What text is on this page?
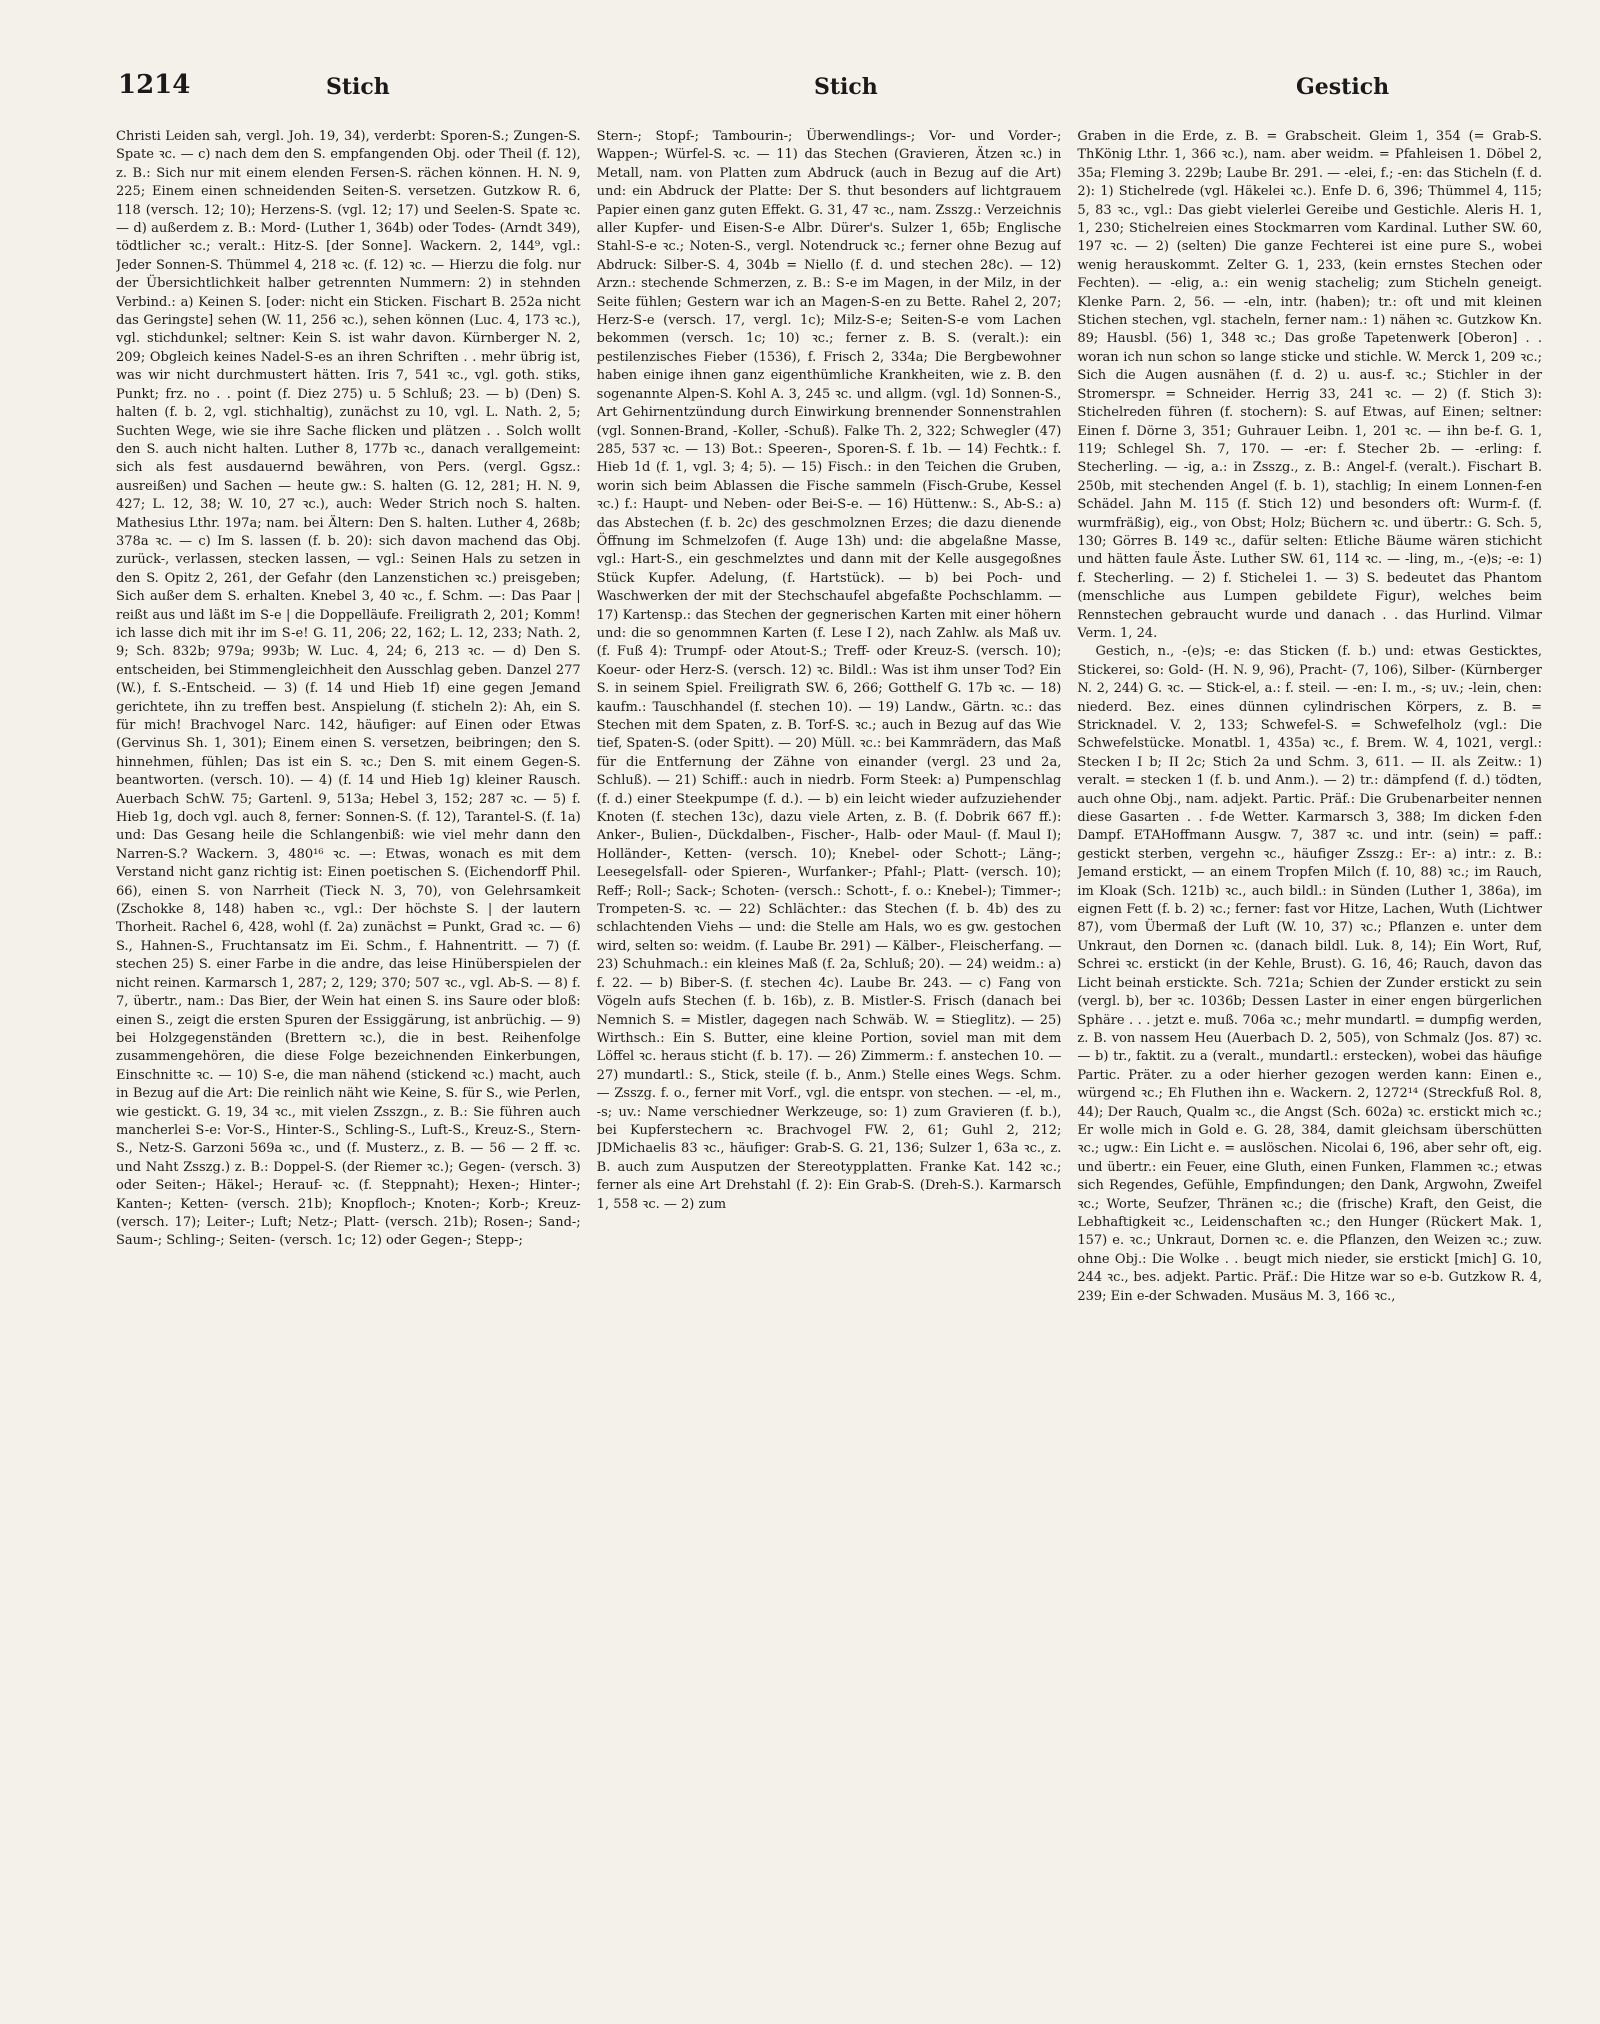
1214	Stich	Stich	Gestich

Christi Leiden sah, vergl. Joh. 19, 34), verderbt: Sporen-S.; Zungen-S. Spate ꝛc. — c) nach dem den S. empfangenden Obj. oder Theil (f. 12), z. B.: Sich nur mit einem elenden Fersen-S. rächen können. H. N. 9, 225; Einem einen schneidenden Seiten-S. versetzen. Gutzkow R. 6, 118 (versch. 12; 10); Herzens-S. (vgl. 12; 17) und Seelen-S. Spate ꝛc. — d) außerdem z. B.: Mord- (Luther 1, 364b) oder Todes- (Arndt 349), tödtlicher ꝛc.; veralt.: Hitz-S. [der Sonne]. Wackern. 2, 144⁹, vgl.: Jeder Sonnen-S. Thümmel 4, 218 ꝛc. (f. 12) ꝛc. — Hierzu die folg. nur der Übersichtlichkeit halber getrennten Nummern: 2) in stehnden Verbind.: a) Keinen S. [oder: nicht ein Sticken. Fischart B. 252a nicht das Geringste] sehen (W. 11, 256 ꝛc.), sehen können (Luc. 4, 173 ꝛc.), vgl. stichdunkel; seltner: Kein S. ist wahr davon. Kürnberger N. 2, 209; Obgleich keines Nadel-S-es an ihren Schriften . . mehr übrig ist, was wir nicht durchmustert hätten. Iris 7, 541 ꝛc., vgl. goth. stiks, Punkt; frz. no . . point (f. Diez 275) u. 5 Schluß; 23. — b) (Den) S. halten (f. b. 2, vgl. stichhaltig), zunächst zu 10, vgl. L. Nath. 2, 5; Suchten Wege, wie sie ihre Sache flicken und plätzen . . Solch wollt den S. auch nicht halten. Luther 8, 177b ꝛc., danach verallgemeint: sich als fest ausdauernd bewähren, von Pers. (vergl. Ggsz.: ausreißen) und Sachen — heute gw.: S. halten (G. 12, 281; H. N. 9, 427; L. 12, 38; W. 10, 27 ꝛc.), auch: Weder Strich noch S. halten. Mathesius Lthr. 197a; nam. bei Ältern: Den S. halten. Luther 4, 268b; 378a ꝛc. — c) Im S. lassen (f. b. 20): sich davon machend das Obj. zurück-, verlassen, stecken lassen, — vgl.: Seinen Hals zu setzen in den S. Opitz 2, 261, der Gefahr (den Lanzenstichen ꝛc.) preisgeben; Sich außer dem S. erhalten. Knebel 3, 40 ꝛc., f. Schm. —: Das Paar | reißt aus und läßt im S-e | die Doppelläufe. Freiligrath 2, 201; Komm! ich lasse dich mit ihr im S-e! G. 11, 206; 22, 162; L. 12, 233; Nath. 2, 9; Sch. 832b; 979a; 993b; W. Luc. 4, 24; 6, 213 ꝛc. — d) Den S. entscheiden, bei Stimmengleichheit den Ausschlag geben. Danzel 277 (W.), f. S.-Entscheid. — 3) (f. 14 und Hieb 1f) eine gegen Jemand gerichtete, ihn zu treffen best. Anspielung (f. sticheln 2): Ah, ein S. für mich! Brachvogel Narc. 142, häufiger: auf Einen oder Etwas (Gervinus Sh. 1, 301); Einem einen S. versetzen, beibringen; den S. hinnehmen, fühlen; Das ist ein S. ꝛc.; Den S. mit einem Gegen-S. beantworten. (versch. 10). — 4) (f. 14 und Hieb 1g) kleiner Rausch. Auerbach SchW. 75; Gartenl. 9, 513a; Hebel 3, 152; 287 ꝛc. — 5) f. Hieb 1g, doch vgl. auch 8, ferner: Sonnen-S. (f. 12), Tarantel-S. (f. 1a) und: Das Gesang heile die Schlangenbiß: wie viel mehr dann den Narren-S.? Wackern. 3, 480¹⁶ ꝛc. —: Etwas, wonach es mit dem Verstand nicht ganz richtig ist: Einen poetischen S. (Eichendorff Phil. 66), einen S. von Narrheit (Tieck N. 3, 70), von Gelehrsamkeit (Zschokke 8, 148) haben ꝛc., vgl.: Der höchste S. | der lautern Thorheit. Rachel 6, 428, wohl (f. 2a) zunächst = Punkt, Grad ꝛc. — 6) S., Hahnen-S., Fruchtansatz im Ei. Schm., f. Hahnentritt. — 7) (f. stechen 25) S. einer Farbe in die andre, das leise Hinüberspielen der nicht reinen. Karmarsch 1, 287; 2, 129; 370; 507 ꝛc., vgl. Ab-S. — 8) f. 7, übertr., nam.: Das Bier, der Wein hat einen S. ins Saure oder bloß: einen S., zeigt die ersten Spuren der Essiggärung, ist anbrüchig. — 9) bei Holzgegenständen (Brettern ꝛc.), die in best. Reihenfolge zusammengehören, die diese Folge bezeichnenden Einkerbungen, Einschnitte ꝛc. — 10) S-e, die man nähend (stickend ꝛc.) macht, auch in Bezug auf die Art: Die reinlich näht wie Keine, S. für S., wie Perlen, wie gestickt. G. 19, 34 ꝛc., mit vielen Zsszgn., z. B.: Sie führen auch mancherlei S-e: Vor-S., Hinter-S., Schling-S., Luft-S., Kreuz-S., Stern-S., Netz-S. Garzoni 569a ꝛc., und (f. Musterz., z. B. — 56 — 2 ff. ꝛc. und Naht Zsszg.) z. B.: Doppel-S. (der Riemer ꝛc.); Gegen- (versch. 3) oder Seiten-; Häkel-; Herauf- ꝛc. (f. Steppnaht); Hexen-; Hinter-; Kanten-; Ketten- (versch. 21b); Knopfloch-; Knoten-; Korb-; Kreuz- (versch. 17); Leiter-; Luft; Netz-; Platt- (versch. 21b); Rosen-; Sand-; Saum-; Schling-; Seiten- (versch. 1c; 12) oder Gegen-; Stepp-;

Stern-; Stopf-; Tambourin-; Überwendlings-; Vor- und Vorder-; Wappen-; Würfel-S. ꝛc. — 11) das Stechen (Gravieren, Ätzen ꝛc.) in Metall, nam. von Platten zum Abdruck (auch in Bezug auf die Art) und: ein Abdruck der Platte: Der S. thut besonders auf lichtgrauem Papier einen ganz guten Effekt. G. 31, 47 ꝛc., nam. Zsszg.: Verzeichnis aller Kupfer- und Eisen-S-e Albr. Dürer's. Sulzer 1, 65b; Englische Stahl-S-e ꝛc.; Noten-S., vergl. Notendruck ꝛc.; ferner ohne Bezug auf Abdruck: Silber-S. 4, 304b = Niello (f. d. und stechen 28c). — 12) Arzn.: stechende Schmerzen, z. B.: S-e im Magen, in der Milz, in der Seite fühlen; Gestern war ich an Magen-S-en zu Bette. Rahel 2, 207; Herz-S-e (versch. 17, vergl. 1c); Milz-S-e; Seiten-S-e vom Lachen bekommen (versch. 1c; 10) ꝛc.; ferner z. B. S. (veralt.): ein pestilenzisches Fieber (1536), f. Frisch 2, 334a; Die Bergbewohner haben einige ihnen ganz eigenthümliche Krankheiten, wie z. B. den sogenannte Alpen-S. Kohl A. 3, 245 ꝛc. und allgm. (vgl. 1d) Sonnen-S., Art Gehirnentzündung durch Einwirkung brennender Sonnenstrahlen (vgl. Sonnen-Brand, -Koller, -Schuß). Falke Th. 2, 322; Schwegler (47) 285, 537 ꝛc. — 13) Bot.: Speeren-, Sporen-S. f. 1b. — 14) Fechtk.: f. Hieb 1d (f. 1, vgl. 3; 4; 5). — 15) Fisch.: in den Teichen die Gruben, worin sich beim Ablassen die Fische sammeln (Fisch-Grube, Kessel ꝛc.) f.: Haupt- und Neben- oder Bei-S-e. — 16) Hüttenw.: S., Ab-S.: a) das Abstechen (f. b. 2c) des geschmolznen Erzes; die dazu dienende Öffnung im Schmelzofen (f. Auge 13h) und: die abgelaßne Masse, vgl.: Hart-S., ein geschmelztes und dann mit der Kelle ausgegoßnes Stück Kupfer. Adelung, (f. Hartstück). — b) bei Poch- und Waschwerken der mit der Stechschaufel abgefaßte Pochschlamm. — 17) Kartensp.: das Stechen der gegnerischen Karten mit einer höhern und: die so genommnen Karten (f. Lese I 2), nach Zahlw. als Maß uv. (f. Fuß 4): Trumpf- oder Atout-S.; Treff- oder Kreuz-S. (versch. 10); Koeur- oder Herz-S. (versch. 12) ꝛc. Bildl.: Was ist ihm unser Tod? Ein S. in seinem Spiel. Freiligrath SW. 6, 266; Gotthelf G. 17b ꝛc. — 18) kaufm.: Tauschhandel (f. stechen 10). — 19) Landw., Gärtn. ꝛc.: das Stechen mit dem Spaten, z. B. Torf-S. ꝛc.; auch in Bezug auf das Wie tief, Spaten-S. (oder Spitt). — 20) Müll. ꝛc.: bei Kammrädern, das Maß für die Entfernung der Zähne von einander (vergl. 23 und 2a, Schluß). — 21) Schiff.: auch in niedrb. Form Steek: a) Pumpenschlag (f. d.) einer Steekpumpe (f. d.). — b) ein leicht wieder aufzuziehender Knoten (f. stechen 13c), dazu viele Arten, z. B. (f. Dobrik 667 ff.): Anker-, Bulien-, Dückdalben-, Fischer-, Halb- oder Maul- (f. Maul I); Holländer-, Ketten- (versch. 10); Knebel- oder Schott-; Läng-; Leesegelsfall- oder Spieren-, Wurfanker-; Pfahl-; Platt- (versch. 10); Reff-; Roll-; Sack-; Schoten- (versch.: Schott-, f. o.: Knebel-); Timmer-; Trompeten-S. ꝛc. — 22) Schlächter.: das Stechen (f. b. 4b) des zu schlachtenden Viehs — und: die Stelle am Hals, wo es gw. gestochen wird, selten so: weidm. (f. Laube Br. 291) — Kälber-, Fleischerfang. — 23) Schuhmach.: ein kleines Maß (f. 2a, Schluß; 20). — 24) weidm.: a) f. 22. — b) Biber-S. (f. stechen 4c). Laube Br. 243. — c) Fang von Vögeln aufs Stechen (f. b. 16b), z. B. Mistler-S. Frisch (danach bei Nemnich S. = Mistler, dagegen nach Schwäb. W. = Stieglitz). — 25) Wirthsch.: Ein S. Butter, eine kleine Portion, soviel man mit dem Löffel ꝛc. heraus sticht (f. b. 17). — 26) Zimmerm.: f. anstechen 10. — 27) mundartl.: S., Stick, steile (f. b., Anm.) Stelle eines Wegs. Schm. — Zsszg. f. o., ferner mit Vorf., vgl. die entspr. von stechen. — -el, m., -s; uv.: Name verschiedner Werkzeuge, so: 1) zum Gravieren (f. b.), bei Kupferstechern ꝛc. Brachvogel FW. 2, 61; Guhl 2, 212; JDMichaelis 83 ꝛc., häufiger: Grab-S. G. 21, 136; Sulzer 1, 63a ꝛc., z. B. auch zum Ausputzen der Stereotypplatten. Franke Kat. 142 ꝛc.; ferner als eine Art Drehstahl (f. 2): Ein Grab-S. (Dreh-S.). Karmarsch 1, 558 ꝛc. — 2) zum

Graben in die Erde, z. B. = Grabscheit. Gleim 1, 354 (= Grab-S. ThKönig Lthr. 1, 366 ꝛc.), nam. aber weidm. = Pfahleisen 1. Döbel 2, 35a; Fleming 3. 229b; Laube Br. 291. — -elei, f.; -en: das Sticheln (f. d. 2): 1) Stichelrede (vgl. Häkelei ꝛc.). Enfe D. 6, 396; Thümmel 4, 115; 5, 83 ꝛc., vgl.: Das giebt vielerlei Gereibe und Gestichle. Aleris H. 1, 1, 230; Stichelreien eines Stockmarren vom Kardinal. Luther SW. 60, 197 ꝛc. — 2) (selten) Die ganze Fechterei ist eine pure S., wobei wenig herauskommt. Zelter G. 1, 233, (kein ernstes Stechen oder Fechten). — -elig, a.: ein wenig stachelig; zum Sticheln geneigt. Klenke Parn. 2, 56. — -eln, intr. (haben); tr.: oft und mit kleinen Stichen stechen, vgl. stacheln, ferner nam.: 1) nähen ꝛc. Gutzkow Kn. 89; Hausbl. (56) 1, 348 ꝛc.; Das große Tapetenwerk [Oberon] . . woran ich nun schon so lange sticke und stichle. W. Merck 1, 209 ꝛc.; Sich die Augen ausnähen (f. d. 2) u. aus-f. ꝛc.; Stichler in der Stromerspr. = Schneider. Herrig 33, 241 ꝛc. — 2) (f. Stich 3): Stichelreden führen (f. stochern): S. auf Etwas, auf Einen; seltner: Einen f. Dörne 3, 351; Guhrauer Leibn. 1, 201 ꝛc. — ihn be-f. G. 1, 119; Schlegel Sh. 7, 170. — -er: f. Stecher 2b. — -erling: f. Stecherling. — -ig, a.: in Zsszg., z. B.: Angel-f. (veralt.). Fischart B. 250b, mit stechenden Angel (f. b. 1), stachlig; In einem Lonnen-f-en Schädel. Jahn M. 115 (f. Stich 12) und besonders oft: Wurm-f. (f. wurmfräßig), eig., von Obst; Holz; Büchern ꝛc. und übertr.: G. Sch. 5, 130; Görres B. 149 ꝛc., dafür selten: Etliche Bäume wären stichicht und hätten faule Äste. Luther SW. 61, 114 ꝛc. — -ling, m., -(e)s; -e: 1) f. Stecherling. — 2) f. Stichelei 1. — 3) S. bedeutet das Phantom (menschliche aus Lumpen gebildete Figur), welches beim Rennstechen gebraucht wurde und danach . . das Hurlind. Vilmar Verm. 1, 24.

Gestich, n., -(e)s; -e: das Sticken (f. b.) und: etwas Gesticktes, Stickerei, so: Gold- (H. N. 9, 96), Pracht- (7, 106), Silber- (Kürnberger N. 2, 244) G. ꝛc. — Stick-el, a.: f. steil. — -en: I. m., -s; uv.; -lein, chen: niederd. Bez. eines dünnen cylindrischen Körpers, z. B. = Stricknadel. V. 2, 133; Schwefel-S. = Schwefelholz (vgl.: Die Schwefelstücke. Monatbl. 1, 435a) ꝛc., f. Brem. W. 4, 1021, vergl.: Stecken I b; II 2c; Stich 2a und Schm. 3, 611. — II. als Zeitw.: 1) veralt. = stecken 1 (f. b. und Anm.). — 2) tr.: dämpfend (f. d.) tödten, auch ohne Obj., nam. adjekt. Partic. Präf.: Die Grubenarbeiter nennen diese Gasarten . . f-de Wetter. Karmarsch 3, 388; Im dicken f-den Dampf. ETAHoffmann Ausgw. 7, 387 ꝛc. und intr. (sein) = paff.: gestickt sterben, vergehn ꝛc., häufiger Zsszg.: Er-: a) intr.: z. B.: Jemand erstickt, — an einem Tropfen Milch (f. 10, 88) ꝛc.; im Rauch, im Kloak (Sch. 121b) ꝛc., auch bildl.: in Sünden (Luther 1, 386a), im eignen Fett (f. b. 2) ꝛc.; ferner: fast vor Hitze, Lachen, Wuth (Lichtwer 87), vom Übermaß der Luft (W. 10, 37) ꝛc.; Pflanzen e. unter dem Unkraut, den Dornen ꝛc. (danach bildl. Luk. 8, 14); Ein Wort, Ruf, Schrei ꝛc. erstickt (in der Kehle, Brust). G. 16, 46; Rauch, davon das Licht beinah erstickte. Sch. 721a; Schien der Zunder erstickt zu sein (vergl. b), ber ꝛc. 1036b; Dessen Laster in einer engen bürgerlichen Sphäre . . . jetzt e. muß. 706a ꝛc.; mehr mundartl. = dumpfig werden, z. B. von nassem Heu (Auerbach D. 2, 505), von Schmalz (Jos. 87) ꝛc. — b) tr., faktit. zu a (veralt., mundartl.: erstecken), wobei das häufige Partic. Präter. zu a oder hierher gezogen werden kann: Einen e., würgend ꝛc.; Eh Fluthen ihn e. Wackern. 2, 1272¹⁴ (Streckfuß Rol. 8, 44); Der Rauch, Qualm ꝛc., die Angst (Sch. 602a) ꝛc. erstickt mich ꝛc.; Er wolle mich in Gold e. G. 28, 384, damit gleichsam überschütten ꝛc.; ugw.: Ein Licht e. = auslöschen. Nicolai 6, 196, aber sehr oft, eig. und übertr.: ein Feuer, eine Gluth, einen Funken, Flammen ꝛc.; etwas sich Regendes, Gefühle, Empfindungen; den Dank, Argwohn, Zweifel ꝛc.; Worte, Seufzer, Thränen ꝛc.; die (frische) Kraft, den Geist, die Lebhaftigkeit ꝛc., Leidenschaften ꝛc.; den Hunger (Rückert Mak. 1, 157) e. ꝛc.; Unkraut, Dornen ꝛc. e. die Pflanzen, den Weizen ꝛc.; zuw. ohne Obj.: Die Wolke . . beugt mich nieder, sie erstickt [mich] G. 10, 244 ꝛc., bes. adjekt. Partic. Präf.: Die Hitze war so e-b. Gutzkow R. 4, 239; Ein e-der Schwaden. Musäus M. 3, 166 ꝛc.,
